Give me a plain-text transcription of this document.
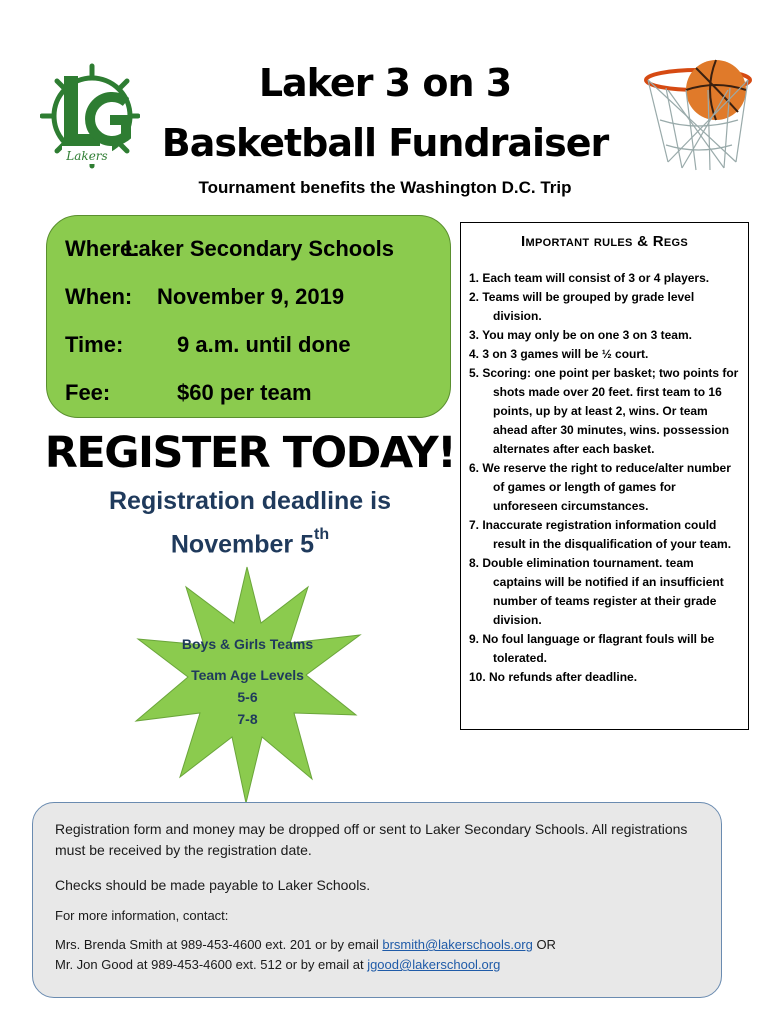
Lakers
Laker 3 on 3
Basketball Fundraiser
Tournament benefits the Washington D.C. Trip
Where:
Laker Secondary Schools
When: November 9, 2019
Time: 9 a.m. until done
Fee:	$60 per team
REGISTER TODAY!
Registration deadline is
November 5th
Boys & Girls Teams
Team Age Levels
5-6
7-8
Important rules & Regs
1. Each team will consist of 3 or 4 players.
2. Teams will be grouped by grade level division.
3. You may only be on one 3 on 3 team.
4. 3 on 3 games will be ½ court.
5. Scoring: one point per basket; two points for shots made over 20 feet. first team to 16 points, up by at least 2, wins. Or team ahead after 30 minutes, wins. possession alternates after each basket.
6. We reserve the right to reduce/alter number of games or length of games for unforeseen circumstances.
7. Inaccurate registration information could result in the disqualification of your team.
8. Double elimination tournament. team captains will be notified if an insufficient number of teams register at their grade division.
9. No foul language or flagrant fouls will be tolerated.
10. No refunds after deadline.
Registration form and money may be dropped off or sent to Laker Secondary Schools. All registrations must be received by the registration date.
Checks should be made payable to Laker Schools.
For more information, contact:
Mrs. Brenda Smith at 989-453-4600 ext. 201 or by email brsmith@lakerschools.org OR
Mr. Jon Good at 989-453-4600 ext. 512 or by email at jgood@lakerschool.org
